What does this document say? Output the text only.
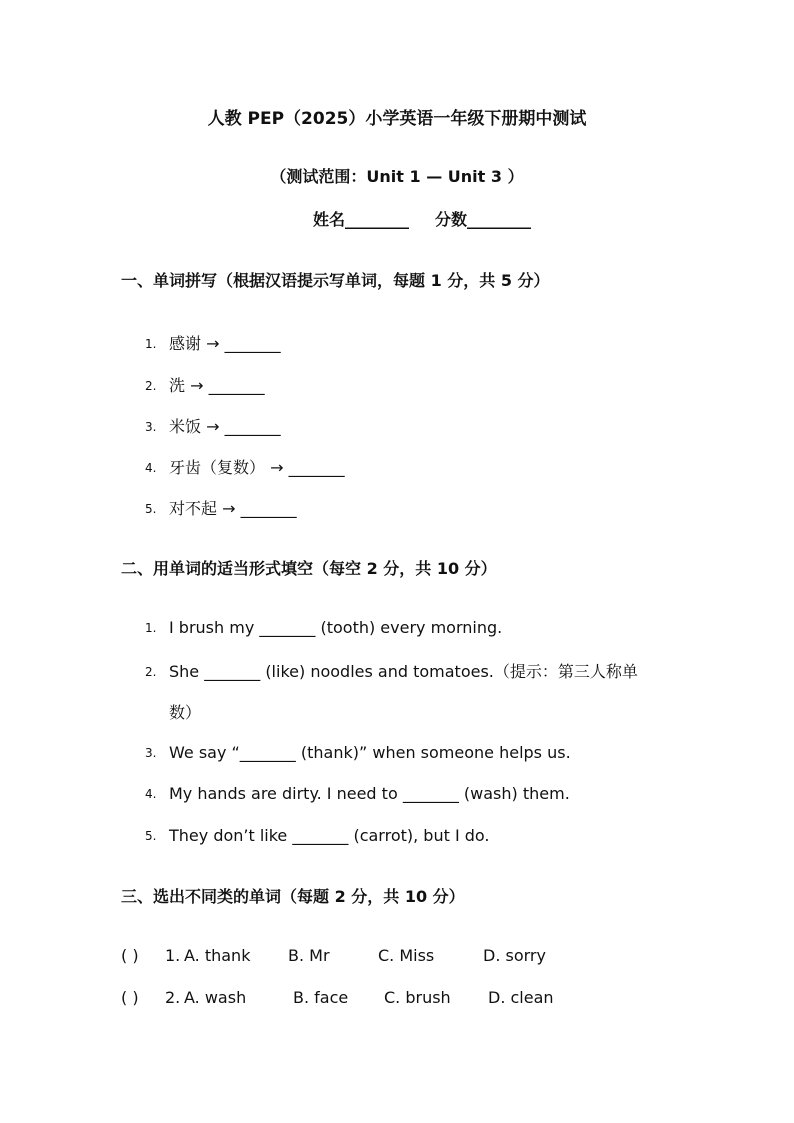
人教 PEP（2025）小学英语一年级下册期中测试
（测试范围：Unit 1 — Unit 3 ）
姓名________ 分数________
一、单词拼写（根据汉语提示写单词，每题 1 分，共 5 分）
1. 感谢 → _______
2. 洗 → _______
3. 米饭 → _______
4. 牙齿（复数） → _______
5. 对不起 → _______
二、用单词的适当形式填空（每空 2 分，共 10 分）
1. I brush my _______ (tooth) every morning.
2. She _______ (like) noodles and tomatoes.（提示：第三人称单
数）
3. We say “_______ (thank)” when someone helps us.
4. My hands are dirty. I need to _______ (wash) them.
5. They don’t like _______ (carrot), but I do.
三、选出不同类的单词（每题 2 分，共 10 分）
( ) 1. A. thank B. Mr	C. Miss	D. sorry
( ) 2. A. wash	B. face C. brush D. clean
